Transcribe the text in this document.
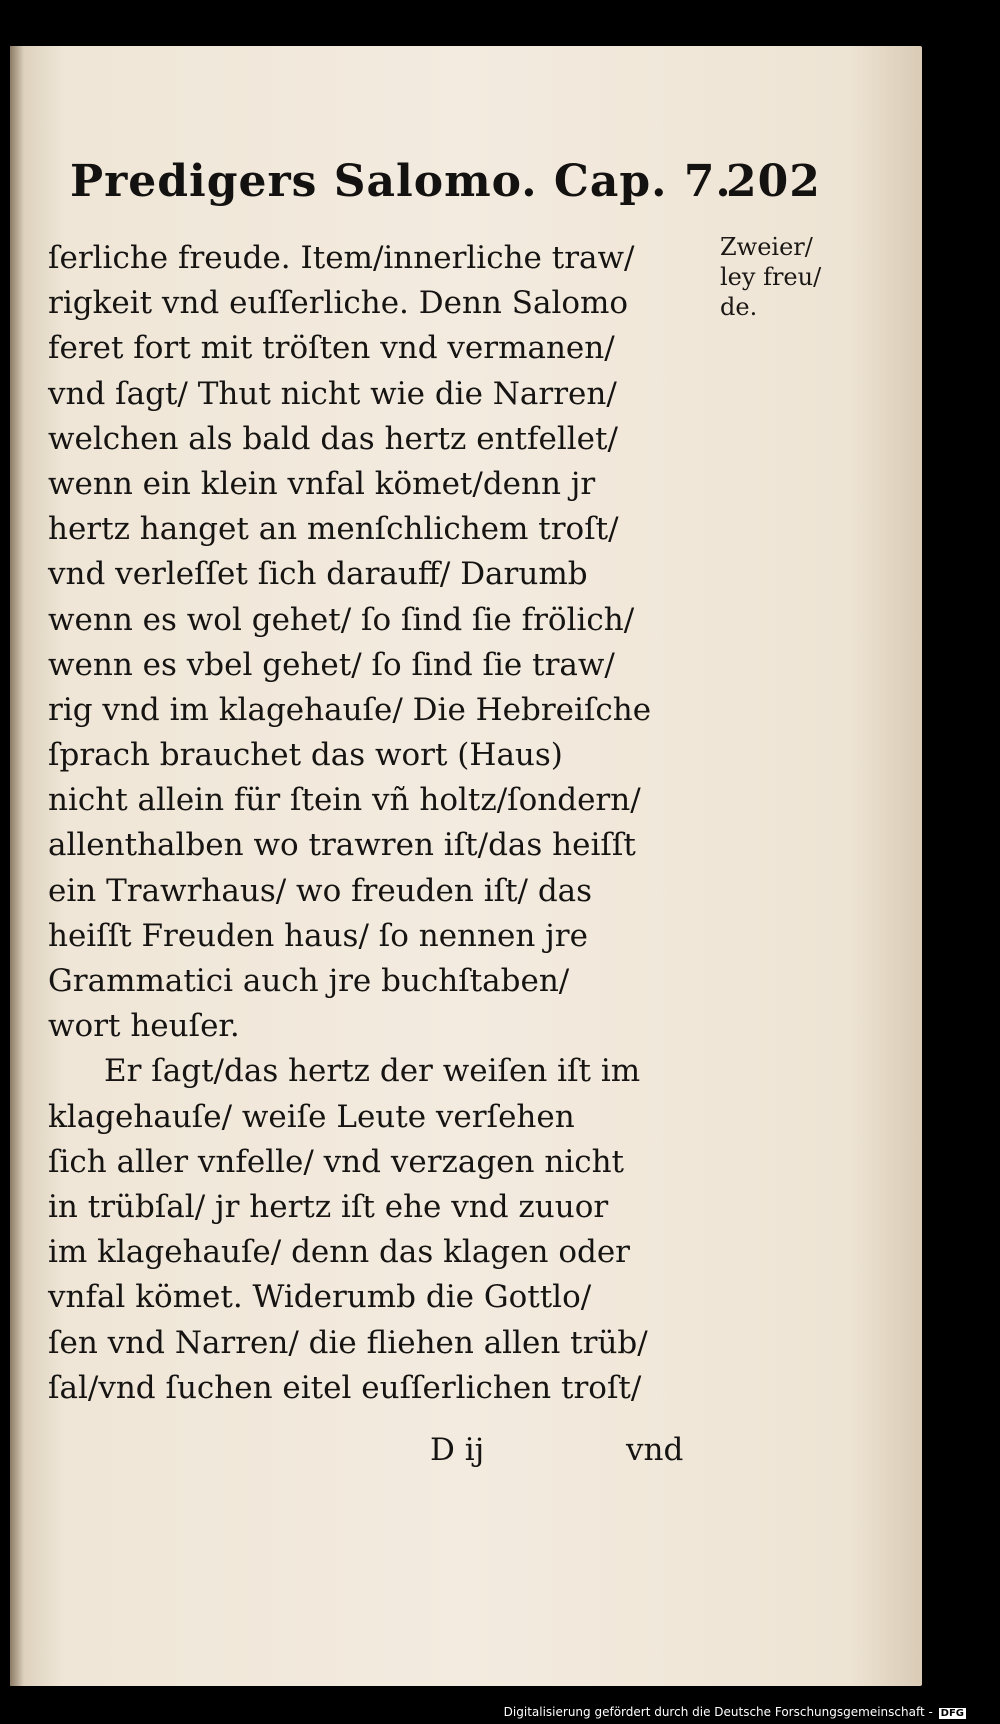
Predigers Salomo. Cap. 7.
202
Zweier/
ley freu/
de.
ſerliche freude. Item/innerliche traw/
rigkeit vnd euſſerliche. Denn Salomo
feret fort mit tröſten vnd vermanen/
vnd ſagt/ Thut nicht wie die Narren/
welchen als bald das hertz entfellet/
wenn ein klein vnfal kömet/denn jr
hertz hanget an menſchlichem troſt/
vnd verleſſet ſich darauff/ Darumb
wenn es wol gehet/ ſo ſind ſie frölich/
wenn es vbel gehet/ ſo ſind ſie traw/
rig vnd im klagehauſe/ Die Hebreiſche
ſprach brauchet das wort (Haus)
nicht allein für ſtein vñ holtz/ſondern/
allenthalben wo trawren iſt/das heiſſt
ein Trawrhaus/ wo freuden iſt/ das
heiſſt Freuden haus/ ſo nennen jre
Grammatici auch jre buchſtaben/
wort heuſer.
Er ſagt/das hertz der weiſen iſt im
klagehauſe/ weiſe Leute verſehen
ſich aller vnfelle/ vnd verzagen nicht
in trübſal/ jr hertz iſt ehe vnd zuuor
im klagehauſe/ denn das klagen oder
vnfal kömet. Widerumb die Gottlo/
ſen vnd Narren/ die fliehen allen trüb/
ſal/vnd ſuchen eitel euſſerlichen troſt/
D ij	vnd
Digitalisierung gefördert durch die Deutsche Forschungsgemeinschaft - DFG
